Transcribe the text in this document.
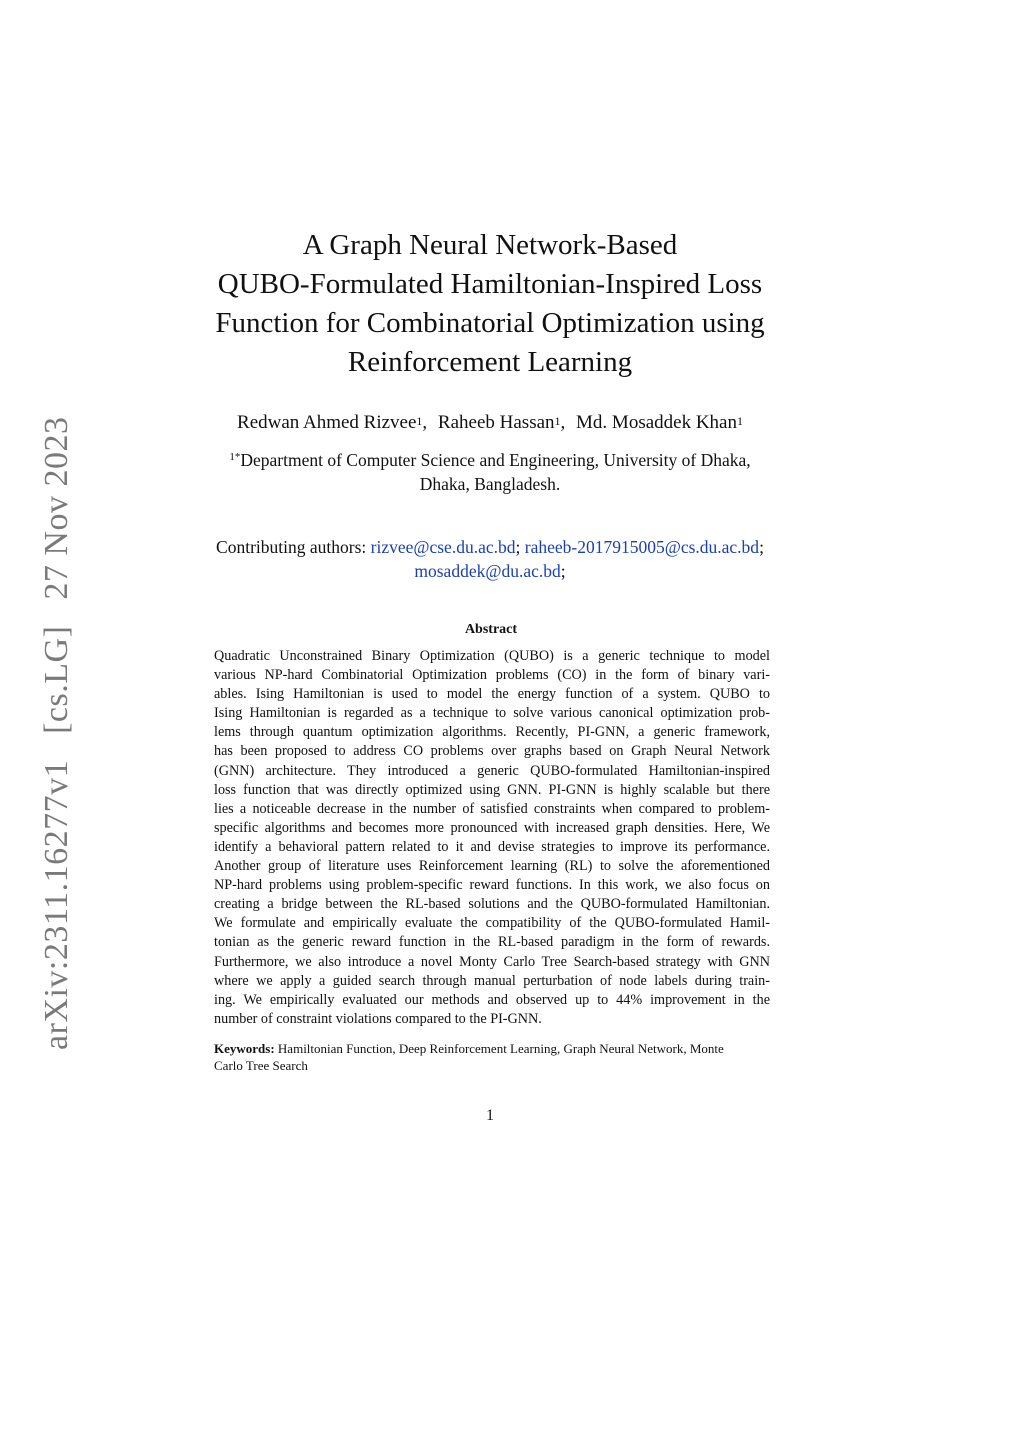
arXiv:2311.16277v1[cs.LG]27 Nov 2023
A Graph Neural Network-Based
QUBO-Formulated Hamiltonian-Inspired Loss
Function for Combinatorial Optimization using
Reinforcement Learning
Redwan Ahmed Rizvee$^1$, Raheeb Hassan$^1$, Md. Mosaddek Khan$^1$
$^{1*}$Department of Computer Science and Engineering, University of Dhaka,
Dhaka, Bangladesh.
Contributing authors: rizvee@cse.du.ac.bd; raheeb-2017915005@cs.du.ac.bd;
mosaddek@du.ac.bd;
Abstract
Quadratic Unconstrained Binary Optimization (QUBO) is a generic technique to model
various NP-hard Combinatorial Optimization problems (CO) in the form of binary vari-
ables. Ising Hamiltonian is used to model the energy function of a system. QUBO to
Ising Hamiltonian is regarded as a technique to solve various canonical optimization prob-
lems through quantum optimization algorithms. Recently, PI-GNN, a generic framework,
has been proposed to address CO problems over graphs based on Graph Neural Network
(GNN) architecture. They introduced a generic QUBO-formulated Hamiltonian-inspired
loss function that was directly optimized using GNN. PI-GNN is highly scalable but there
lies a noticeable decrease in the number of satisfied constraints when compared to problem-
specific algorithms and becomes more pronounced with increased graph densities. Here, We
identify a behavioral pattern related to it and devise strategies to improve its performance.
Another group of literature uses Reinforcement learning (RL) to solve the aforementioned
NP-hard problems using problem-specific reward functions. In this work, we also focus on
creating a bridge between the RL-based solutions and the QUBO-formulated Hamiltonian.
We formulate and empirically evaluate the compatibility of the QUBO-formulated Hamil-
tonian as the generic reward function in the RL-based paradigm in the form of rewards.
Furthermore, we also introduce a novel Monty Carlo Tree Search-based strategy with GNN
where we apply a guided search through manual perturbation of node labels during train-
ing. We empirically evaluated our methods and observed up to 44% improvement in the
number of constraint violations compared to the PI-GNN.
Keywords: Hamiltonian Function, Deep Reinforcement Learning, Graph Neural Network, Monte
Carlo Tree Search
1
